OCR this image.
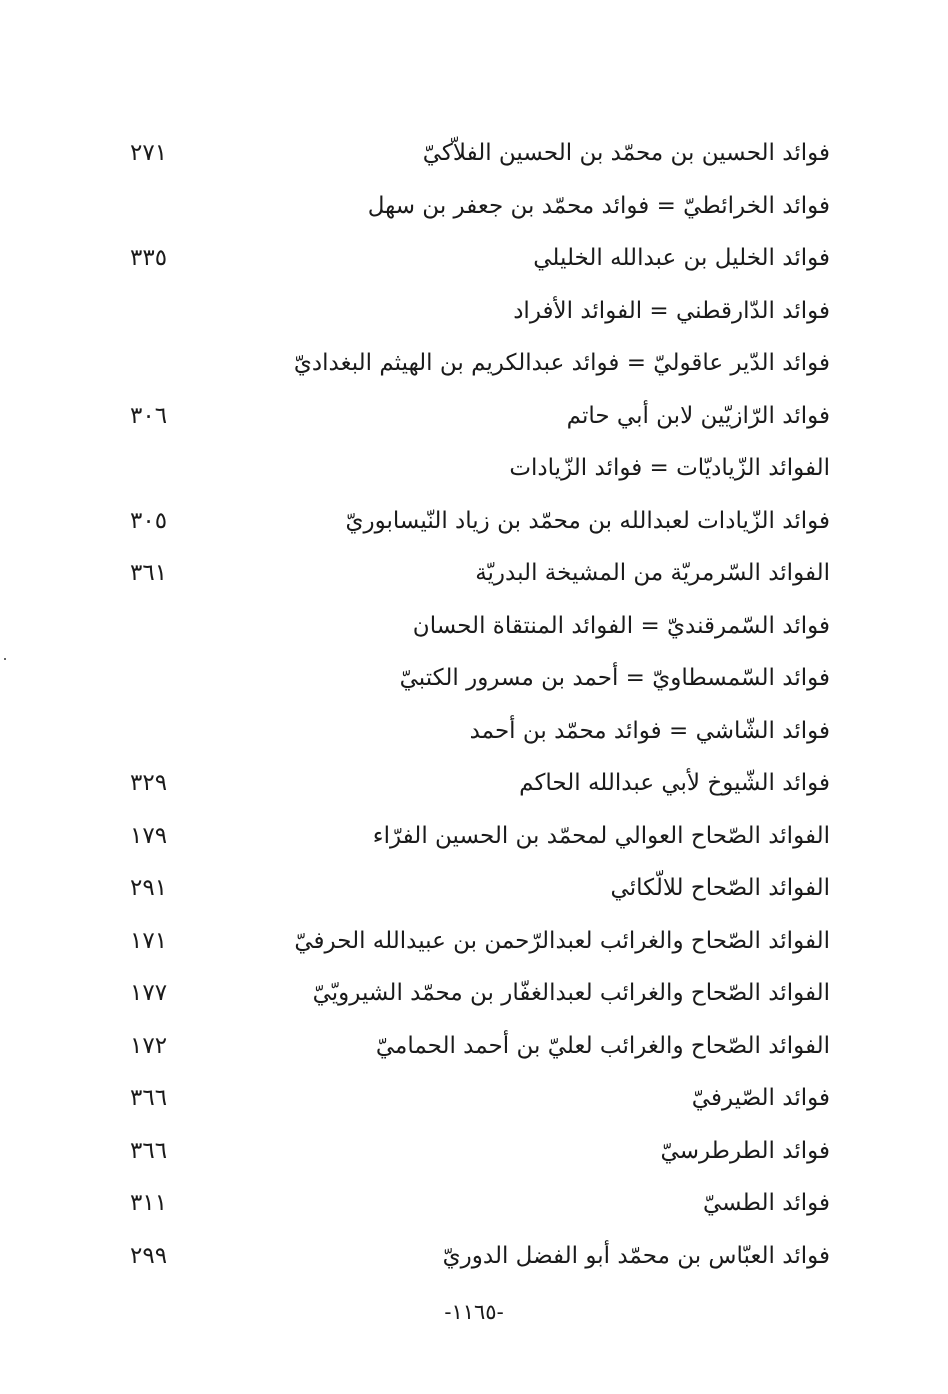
فوائد الحسين بن محمّد بن الحسين الفلاّكيّ
٢٧١
فوائد الخرائطيّ = فوائد محمّد بن جعفر بن سهل
فوائد الخليل بن عبدالله الخليلي
٣٣٥
فوائد الدّارقطني = الفوائد الأفراد
فوائد الدّير عاقوليّ = فوائد عبدالكريم بن الهيثم البغداديّ
فوائد الرّازيّين لابن أبي حاتم
٣٠٦
الفوائد الزّياديّات = فوائد الزّيادات
فوائد الزّيادات لعبدالله بن محمّد بن زياد النّيسابوريّ
٣٠٥
الفوائد السّرمريّة من المشيخة البدريّة
٣٦١
فوائد السّمرقنديّ = الفوائد المنتقاة الحسان
فوائد السّمسطاويّ = أحمد بن مسرور الكتبيّ
فوائد الشّاشي = فوائد محمّد بن أحمد
فوائد الشّيوخ لأبي عبدالله الحاكم
٣٢٩
الفوائد الصّحاح العوالي لمحمّد بن الحسين الفرّاء
١٧٩
الفوائد الصّحاح للالّكائي
٢٩١
الفوائد الصّحاح والغرائب لعبدالرّحمن بن عبيدالله الحرفيّ
١٧١
الفوائد الصّحاح والغرائب لعبدالغفّار بن محمّد الشيرويّيّ
١٧٧
الفوائد الصّحاح والغرائب لعليّ بن أحمد الحماميّ
١٧٢
فوائد الصّيرفيّ
٣٦٦
فوائد الطرطرسيّ
٣٦٦
فوائد الطسيّ
٣١١
فوائد العبّاس بن محمّد أبو الفضل الدوريّ
٢٩٩
-١١٦٥-
